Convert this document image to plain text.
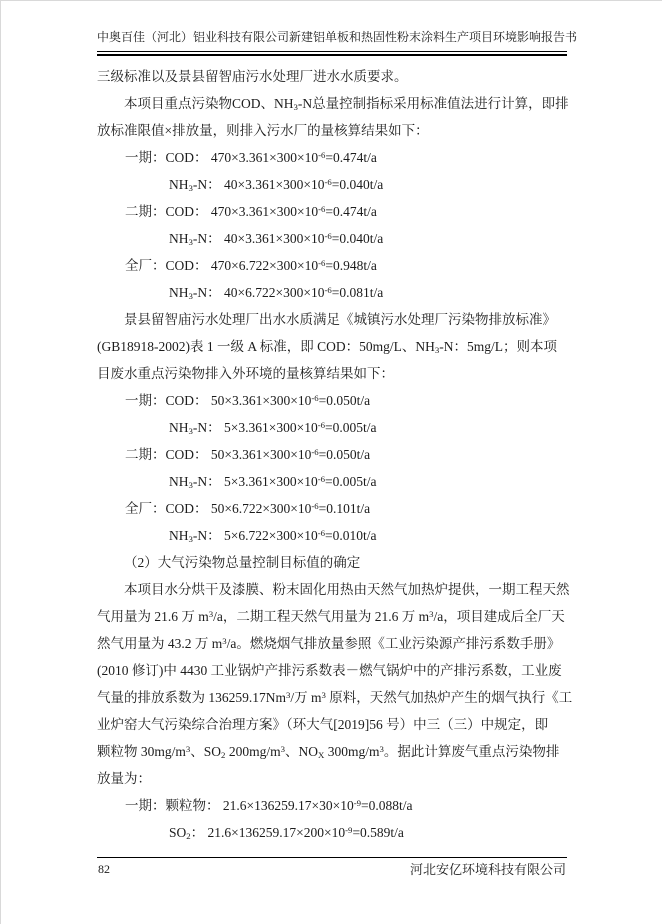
中奥百佳（河北）铝业科技有限公司新建铝单板和热固性粉末涂料生产项目环境影响报告书
三级标准以及景县留智庙污水处理厂进水水质要求。
本项目重点污染物COD、$NH_3-N$总量控制指标采用标准值法进行计算，即排
放标准限值×排放量，则排入污水厂的量核算结果如下：
一期：COD： $470\times 3.361\times 300\times 10^{-6}=0.474t/a$
$NH_3-N$： $40\times 3.361\times 300\times 10^{-6}=0.040t/a$
二期：COD： $470\times 3.361\times 300\times 10^{-6}=0.474t/a$
$NH_3-N$： $40\times 3.361\times 300\times 10^{-6}=0.040t/a$
全厂：COD： $470\times 6.722\times 300\times 10^{-6}=0.948t/a$
$NH_3-N$： $40\times 6.722\times 300\times 10^{-6}=0.081t/a$
景县留智庙污水处理厂出水水质满足《城镇污水处理厂污染物排放标准》
(GB18918-2002)表 1 一级 A 标准，即 COD：50mg/L、$NH_3-N$：5mg/L；则本项
目废水重点污染物排入外环境的量核算结果如下：
一期：COD： $50\times 3.361\times 300\times 10^{-6}=0.050t/a$
$NH_3-N$： $5\times 3.361\times 300\times 10^{-6}=0.005t/a$
二期：COD： $50\times 3.361\times 300\times 10^{-6}=0.050t/a$
$NH_3-N$： $5\times 3.361\times 300\times 10^{-6}=0.005t/a$
全厂：COD： $50\times 6.722\times 300\times 10^{-6}=0.101t/a$
$NH_3-N$： $5\times 6.722\times 300\times 10^{-6}=0.010t/a$
（2）大气污染物总量控制目标值的确定
本项目水分烘干及漆膜、粉末固化用热由天然气加热炉提供，一期工程天然
气用量为 21.6 万 $m^3/a$，二期工程天然气用量为 21.6 万 $m^3/a$，项目建成后全厂天
然气用量为 43.2 万 $m^3/a$。燃烧烟气排放量参照《工业污染源产排污系数手册》
(2010 修订)中 4430 工业锅炉产排污系数表－燃气锅炉中的产排污系数，工业废
气量的排放系数为 136259.17Nm$^3$/万 $m^3$ 原料，天然气加热炉产生的烟气执行《工
业炉窑大气污染综合治理方案》（环大气[2019]56 号）中三（三）中规定，即
颗粒物 $30mg/m^3$、$SO_2$ $200mg/m^3$、$NO_X$ $300mg/m^3$。据此计算废气重点污染物排
放量为：
一期：颗粒物： $21.6\times 136259.17\times 30\times 10^{-9}=0.088t/a$
$SO_2$： $21.6\times 136259.17\times 200\times 10^{-9}=0.589t/a$
82	河北安亿环境科技有限公司
